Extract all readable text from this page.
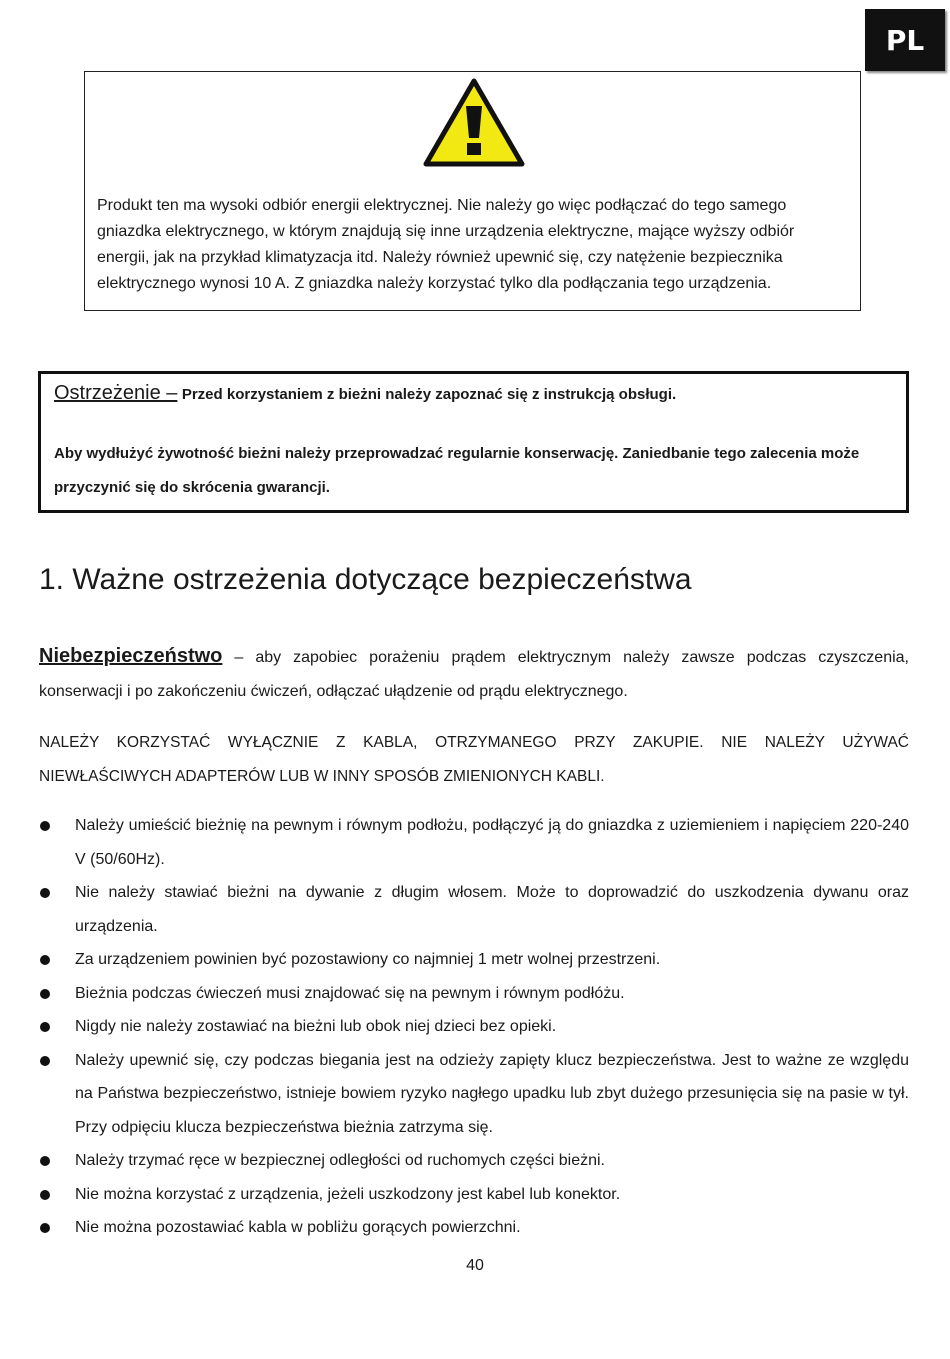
PL

Produkt ten ma wysoki odbiór energii elektrycznej. Nie należy go więc podłączać do tego samego gniazdka elektrycznego, w którym znajdują się inne urządzenia elektryczne, mające wyższy odbiór energii, jak na przykład klimatyzacja itd. Należy również upewnić się, czy natężenie bezpiecznika elektrycznego wynosi 10 A. Z gniazdka należy korzystać tylko dla podłączania tego urządzenia.

Ostrzeżenie – Przed korzystaniem z bieżni należy zapoznać się z instrukcją obsługi.

Aby wydłużyć żywotność bieżni należy przeprowadzać regularnie konserwację. Zaniedbanie tego zalecenia może przyczynić się do skrócenia gwarancji.

1. Ważne ostrzeżenia dotyczące bezpieczeństwa

Niebezpieczeństwo – aby zapobiec porażeniu prądem elektrycznym należy zawsze podczas czyszczenia, konserwacji i po zakończeniu ćwiczeń, odłączać ułądzenie od prądu elektrycznego.

NALEŻY KORZYSTAĆ WYŁĄCZNIE Z KABLA, OTRZYMANEGO PRZY ZAKUPIE. NIE NALEŻY UŻYWAĆ NIEWŁAŚCIWYCH ADAPTERÓW LUB W INNY SPOSÓB ZMIENIONYCH KABLI.

Należy umieścić bieżnię na pewnym i równym podłożu, podłączyć ją do gniazdka z uziemieniem i napięciem 220-240 V (50/60Hz).
Nie należy stawiać bieżni na dywanie z długim włosem. Może to doprowadzić do uszkodzenia dywanu oraz urządzenia.
Za urządzeniem powinien być pozostawiony co najmniej 1 metr wolnej przestrzeni.
Bieżnia podczas ćwieczeń musi znajdować się na pewnym i równym podłóżu.
Nigdy nie należy zostawiać na bieżni lub obok niej dzieci bez opieki.
Należy upewnić się, czy podczas biegania jest na odzieży zapięty klucz bezpieczeństwa. Jest to ważne ze względu na Państwa bezpieczeństwo, istnieje bowiem ryzyko nagłego upadku lub zbyt dużego przesunięcia się na pasie w tył. Przy odpięciu klucza bezpieczeństwa bieżnia zatrzyma się.
Należy trzymać ręce w bezpiecznej odległości od ruchomych części bieżni.
Nie można korzystać z urządzenia, jeżeli uszkodzony jest kabel lub konektor.
Nie można pozostawiać kabla w pobliżu gorących powierzchni.

40
